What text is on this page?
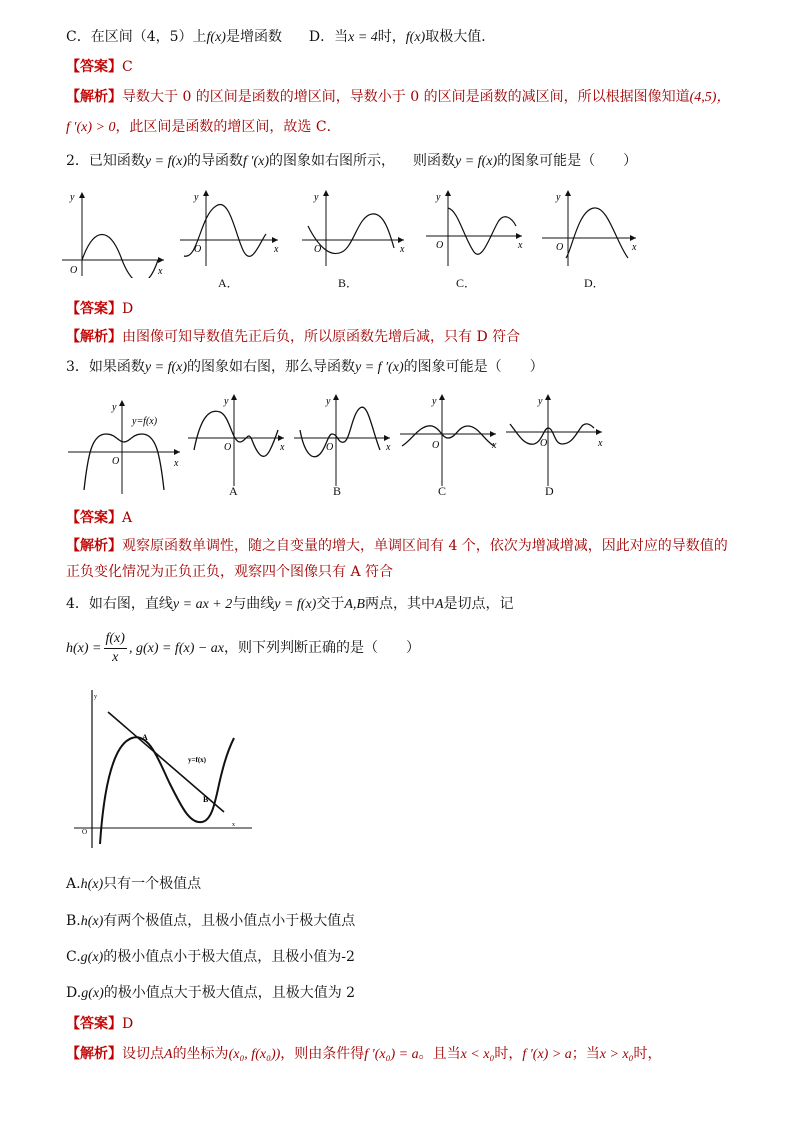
C．在区间（4，5）上f(x)是增函数 D．当x = 4时，f(x)取极大值．
【答案】C
【解析】导数大于 0 的区间是函数的增区间，导数小于 0 的区间是函数的减区间，所以根据图像知道(4,5)，
f ′(x) > 0，此区间是函数的增区间，故选 C．
2．已知函数y = f(x)的导函数f ′(x)的图象如右图所示， 则函数y = f(x)的图象可能是（　　）
y
x
O
y
x
O
A．
y
x
O
B．
y
x
O
C．
y
x
O
D．
【答案】D
【解析】由图像可知导数值先正后负，所以原函数先增后减，只有 D 符合
3．如果函数y = f(x)的图象如右图，那么导函数y = f ′(x)的图象可能是（　　）
y=f(x)
y
x
O
y
x
O
A
y
x
O
B
y
x
O
C
y
x
O
D
【答案】A
【解析】观察原函数单调性，随之自变量的增大，单调区间有 4 个，依次为增减增减，因此对应的导数值的
正负变化情况为正负正负，观察四个图像只有 A 符合
4．如右图，直线y = ax + 2与曲线y = f(x)交于A,B两点，其中A是切点，记
$h(x) = \frac{f(x)}{x}$ , g(x) = f(x) − ax，则下列判断正确的是（　　）
A
B
y=f(x)
y
x
O
A.h(x)只有一个极值点
B.h(x)有两个极值点，且极小值点小于极大值点
C.g(x)的极小值点小于极大值点，且极小值为-2
D.g(x)的极小值点大于极大值点，且极大值为 2
【答案】D
【解析】设切点A的坐标为(x₀, f(x₀))，则由条件得f ′(x₀) = a。且当x < x₀时，f ′(x) > a；当x > x₀时，
